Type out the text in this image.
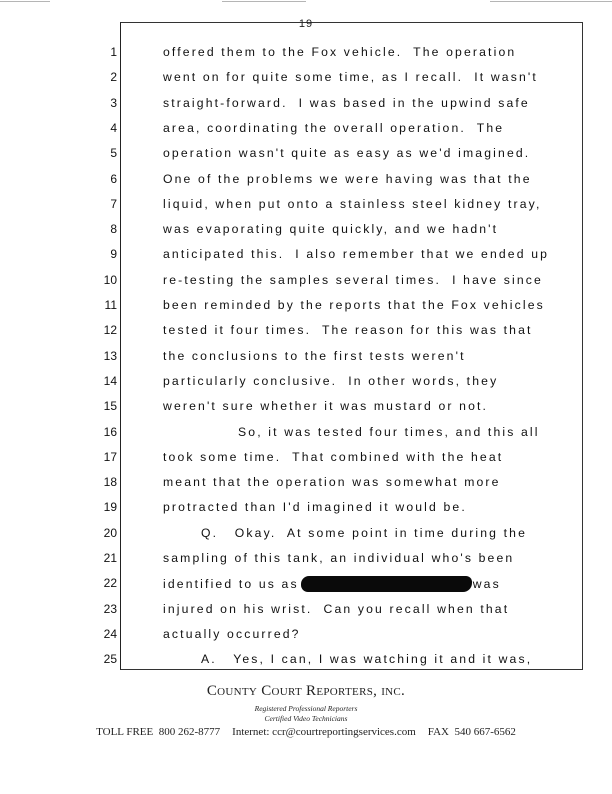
19
1	offered them to the Fox vehicle.  The operation
2	went on for quite some time, as I recall.  It wasn't
3	straight-forward.  I was based in the upwind safe
4	area, coordinating the overall operation.  The
5	operation wasn't quite as easy as we'd imagined.
6	One of the problems we were having was that the
7	liquid, when put onto a stainless steel kidney tray,
8	was evaporating quite quickly, and we hadn't
9	anticipated this.  I also remember that we ended up
10	re-testing the samples several times.  I have since
11	been reminded by the reports that the Fox vehicles
12	tested it four times.  The reason for this was that
13	the conclusions to the first tests weren't
14	particularly conclusive.  In other words, they
15	weren't sure whether it was mustard or not.
16	So, it was tested four times, and this all
17	took some time.  That combined with the heat
18	meant that the operation was somewhat more
19	protracted than I'd imagined it would be.
20	Q.   Okay.  At some point in time during the
21	sampling of this tank, an individual who's been
22	identified to us as	was
23	injured on his wrist.  Can you recall when that
24	actually occurred?
25	A.   Yes, I can, I was watching it and it was,
County Court Reporters, inc.
Registered Professional Reporters
Certified Video Technicians
TOLL FREE  800 262-8777 Internet: ccr@courtreportingservices.com FAX  540 667-6562
